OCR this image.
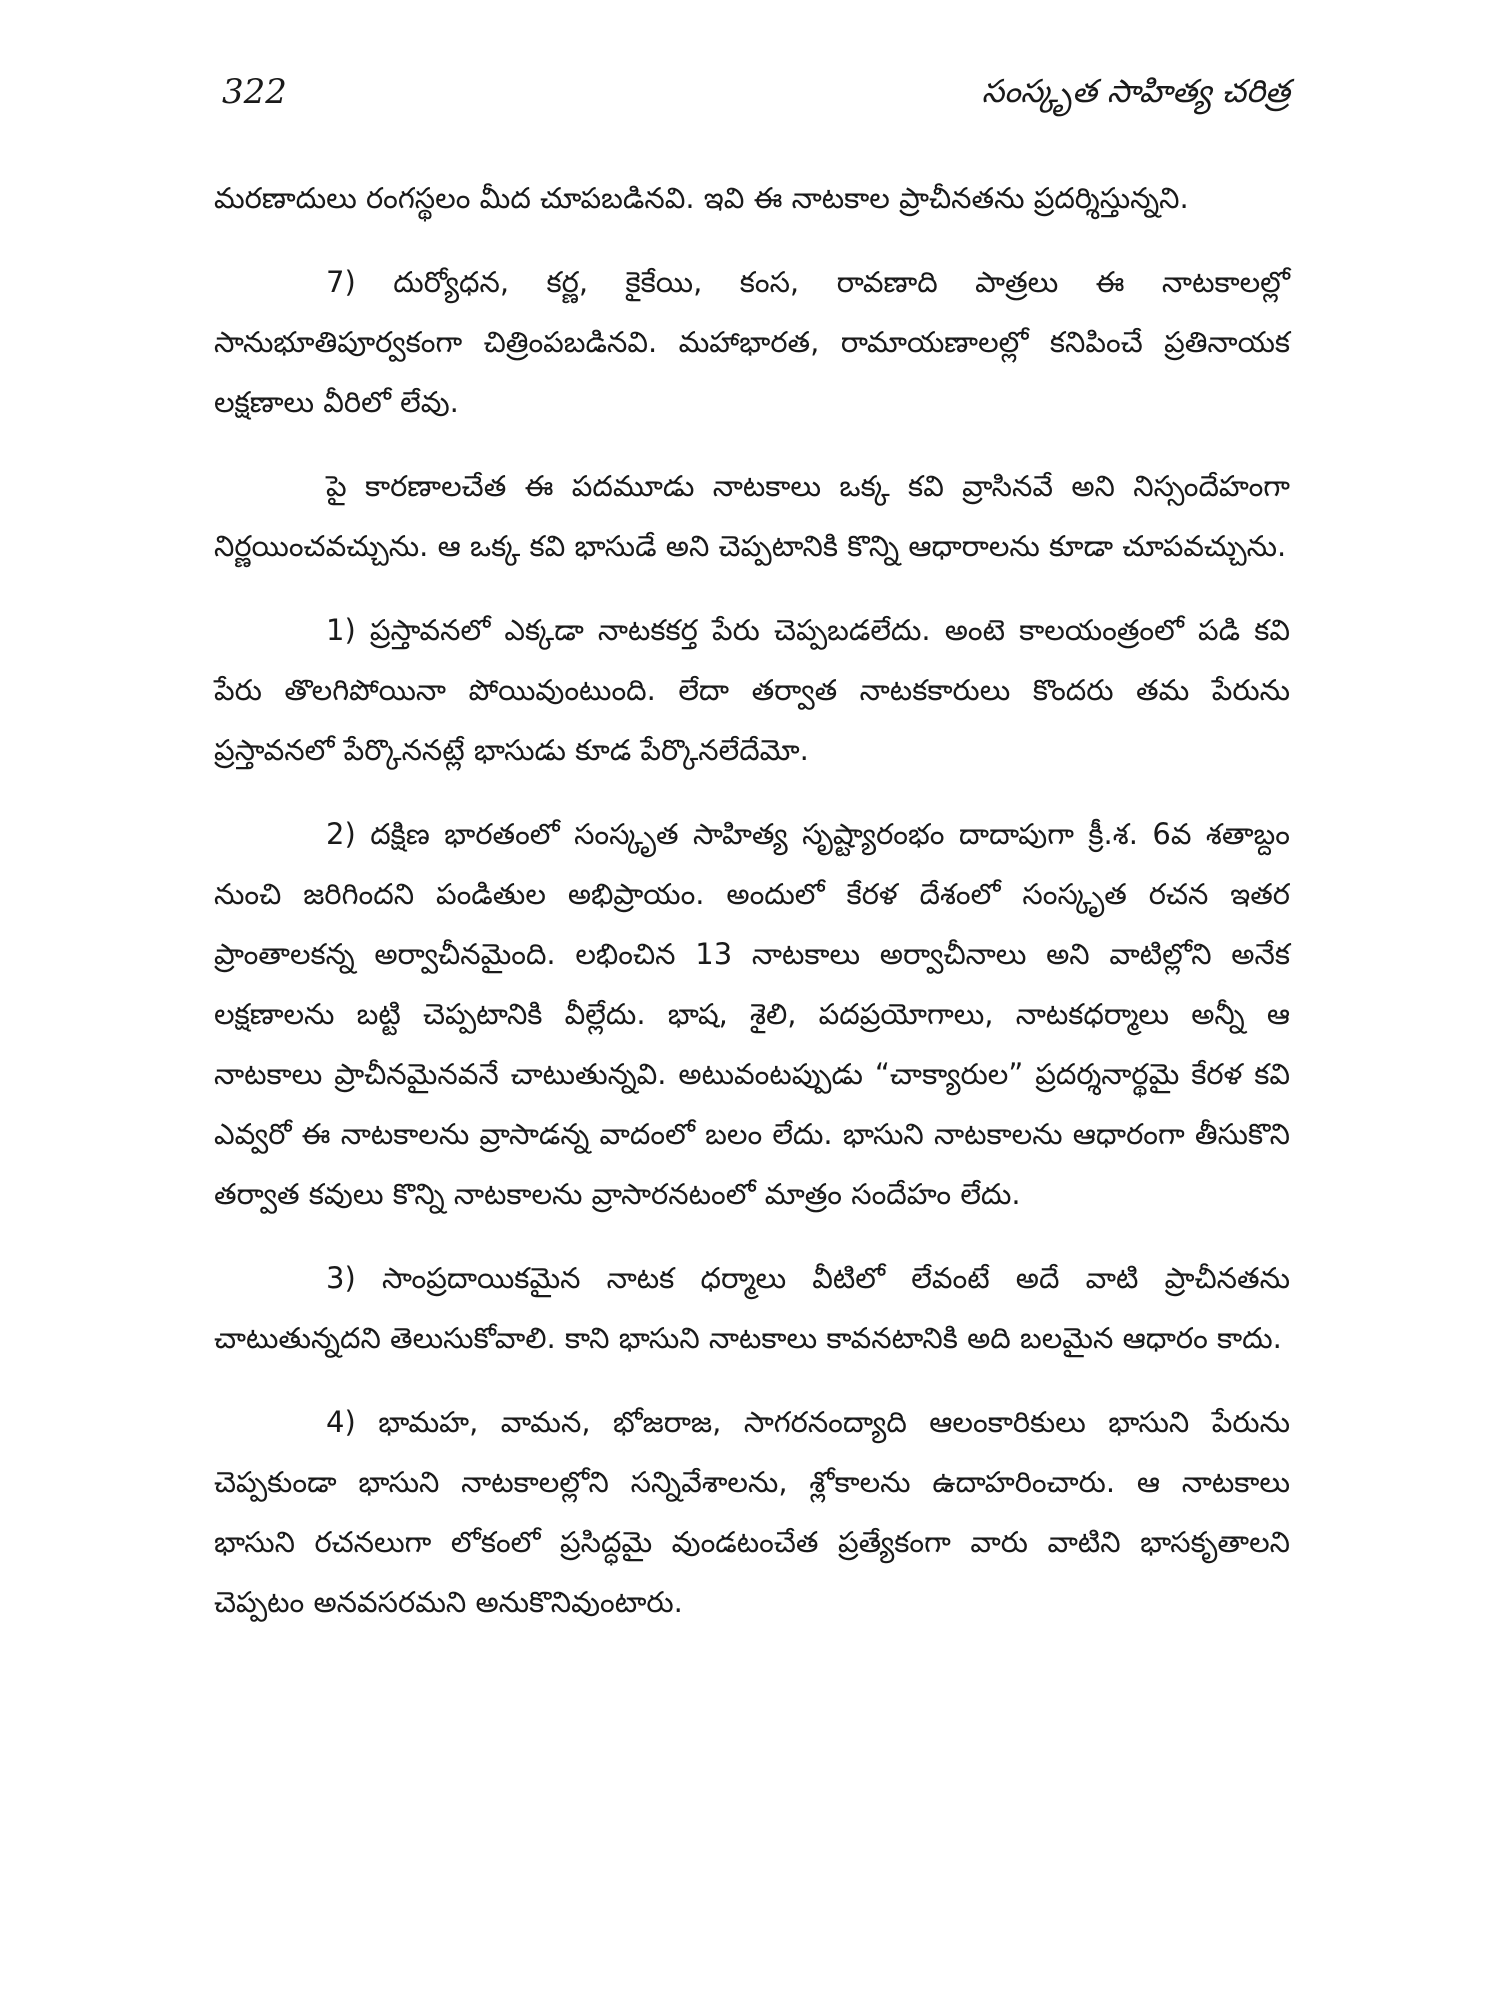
322	సంస్కృత సాహిత్య చరిత్ర

మరణాదులు రంగస్థలం మీద చూపబడినవి. ఇవి ఈ నాటకాల ప్రాచీనతను ప్రదర్శిస్తున్నని.

7) దుర్యోధన, కర్ణ, కైకేయి, కంస, రావణాది పాత్రలు ఈ నాటకాలల్లో సానుభూతిపూర్వకంగా చిత్రింపబడినవి. మహాభారత, రామాయణాలల్లో కనిపించే ప్రతినాయక లక్షణాలు వీరిలో లేవు.

పై కారణాలచేత ఈ పదమూడు నాటకాలు ఒక్క కవి వ్రాసినవే అని నిస్సందేహంగా నిర్ణయించవచ్చును. ఆ ఒక్క కవి భాసుడే అని చెప్పటానికి కొన్ని ఆధారాలను కూడా చూపవచ్చును.

1) ప్రస్తావనలో ఎక్కడా నాటకకర్త పేరు చెప్పబడలేదు. అంటె కాలయంత్రంలో పడి కవి పేరు తొలగిపోయినా పోయివుంటుంది. లేదా తర్వాత నాటకకారులు కొందరు తమ పేరును ప్రస్తావనలో పేర్కొననట్లే భాసుడు కూడ పేర్కొనలేదేమో.

2) దక్షిణ భారతంలో సంస్కృత సాహిత్య సృష్ట్యారంభం దాదాపుగా క్రీ.శ. 6వ శతాబ్దం నుంచి జరిగిందని పండితుల అభిప్రాయం. అందులో కేరళ దేశంలో సంస్కృత రచన ఇతర ప్రాంతాలకన్న అర్వాచీనమైంది. లభించిన 13 నాటకాలు అర్వాచీనాలు అని వాటిల్లోని అనేక లక్షణాలను బట్టి చెప్పటానికి వీల్లేదు. భాష, శైలి, పదప్రయోగాలు, నాటకధర్మాలు అన్నీ ఆ నాటకాలు ప్రాచీనమైనవనే చాటుతున్నవి. అటువంటప్పుడు “చాక్యారుల” ప్రదర్శనార్థమై కేరళ కవి ఎవ్వరో ఈ నాటకాలను వ్రాసాడన్న వాదంలో బలం లేదు. భాసుని నాటకాలను ఆధారంగా తీసుకొని తర్వాత కవులు కొన్ని నాటకాలను వ్రాసారనటంలో మాత్రం సందేహం లేదు.

3) సాంప్రదాయికమైన నాటక ధర్మాలు వీటిలో లేవంటే అదే వాటి ప్రాచీనతను చాటుతున్నదని తెలుసుకోవాలి. కాని భాసుని నాటకాలు కావనటానికి అది బలమైన ఆధారం కాదు.

4) భామహ, వామన, భోజరాజ, సాగరనంద్యాది ఆలంకారికులు భాసుని పేరును చెప్పకుండా భాసుని నాటకాలల్లోని సన్నివేశాలను, శ్లోకాలను ఉదాహరించారు. ఆ నాటకాలు భాసుని రచనలుగా లోకంలో ప్రసిద్ధమై వుండటంచేత ప్రత్యేకంగా వారు వాటిని భాసకృతాలని చెప్పటం అనవసరమని అనుకొనివుంటారు.
